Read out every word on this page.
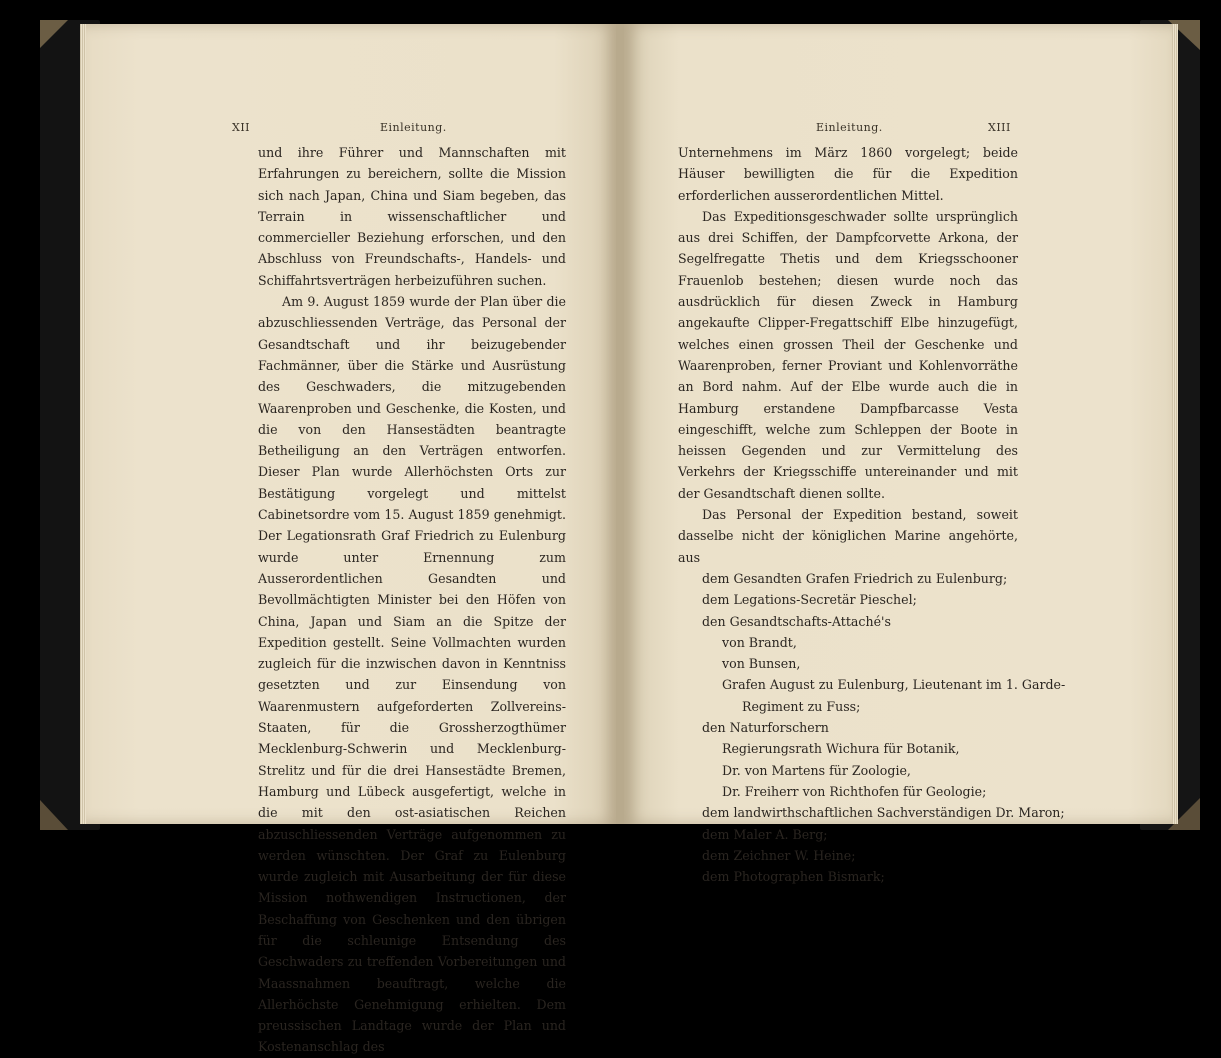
XII	Einleitung.

und ihre Führer und Mannschaften mit Erfahrungen zu bereichern, sollte die Mission sich nach Japan, China und Siam begeben, das Terrain in wissenschaftlicher und commercieller Beziehung erforschen, und den Abschluss von Freundschafts-, Handels- und Schiffahrtsverträgen herbeizuführen suchen.

Am 9. August 1859 wurde der Plan über die abzuschliessenden Verträge, das Personal der Gesandtschaft und ihr beizugebender Fachmänner, über die Stärke und Ausrüstung des Geschwaders, die mitzugebenden Waarenproben und Geschenke, die Kosten, und die von den Hansestädten beantragte Betheiligung an den Verträgen entworfen. Dieser Plan wurde Allerhöchsten Orts zur Bestätigung vorgelegt und mittelst Cabinetsordre vom 15. August 1859 genehmigt. Der Legationsrath Graf Friedrich zu Eulenburg wurde unter Ernennung zum Ausserordentlichen Gesandten und Bevollmächtigten Minister bei den Höfen von China, Japan und Siam an die Spitze der Expedition gestellt. Seine Vollmachten wurden zugleich für die inzwischen davon in Kenntniss gesetzten und zur Einsendung von Waarenmustern aufgeforderten Zollvereins-Staaten, für die Grossherzogthümer Mecklenburg-Schwerin und Mecklenburg-Strelitz und für die drei Hansestädte Bremen, Hamburg und Lübeck ausgefertigt, welche in die mit den ost-asiatischen Reichen abzuschliessenden Verträge aufgenommen zu werden wünschten. Der Graf zu Eulenburg wurde zugleich mit Ausarbeitung der für diese Mission nothwendigen Instructionen, der Beschaffung von Geschenken und den übrigen für die schleunige Entsendung des Geschwaders zu treffenden Vorbereitungen und Maassnahmen beauftragt, welche die Allerhöchste Genehmigung erhielten. Dem preussischen Landtage wurde der Plan und Kostenanschlag des

Einleitung.	XIII

Unternehmens im März 1860 vorgelegt; beide Häuser bewilligten die für die Expedition erforderlichen ausserordentlichen Mittel.

Das Expeditionsgeschwader sollte ursprünglich aus drei Schiffen, der Dampfcorvette Arkona, der Segelfregatte Thetis und dem Kriegsschooner Frauenlob bestehen; diesen wurde noch das ausdrücklich für diesen Zweck in Hamburg angekaufte Clipper-Fregattschiff Elbe hinzugefügt, welches einen grossen Theil der Geschenke und Waarenproben, ferner Proviant und Kohlenvorräthe an Bord nahm. Auf der Elbe wurde auch die in Hamburg erstandene Dampfbarcasse Vesta eingeschifft, welche zum Schleppen der Boote in heissen Gegenden und zur Vermittelung des Verkehrs der Kriegsschiffe untereinander und mit der Gesandtschaft dienen sollte.

Das Personal der Expedition bestand, soweit dasselbe nicht der königlichen Marine angehörte, aus

dem Gesandten Grafen Friedrich zu Eulenburg;
dem Legations-Secretär Pieschel;
den Gesandtschafts-Attaché's
von Brandt,
von Bunsen,
Grafen August zu Eulenburg, Lieutenant im 1. Garde-
Regiment zu Fuss;
den Naturforschern
Regierungsrath Wichura für Botanik,
Dr. von Martens für Zoologie,
Dr. Freiherr von Richthofen für Geologie;
dem landwirthschaftlichen Sachverständigen Dr. Maron;
dem Maler A. Berg;
dem Zeichner W. Heine;
dem Photographen Bismark;
